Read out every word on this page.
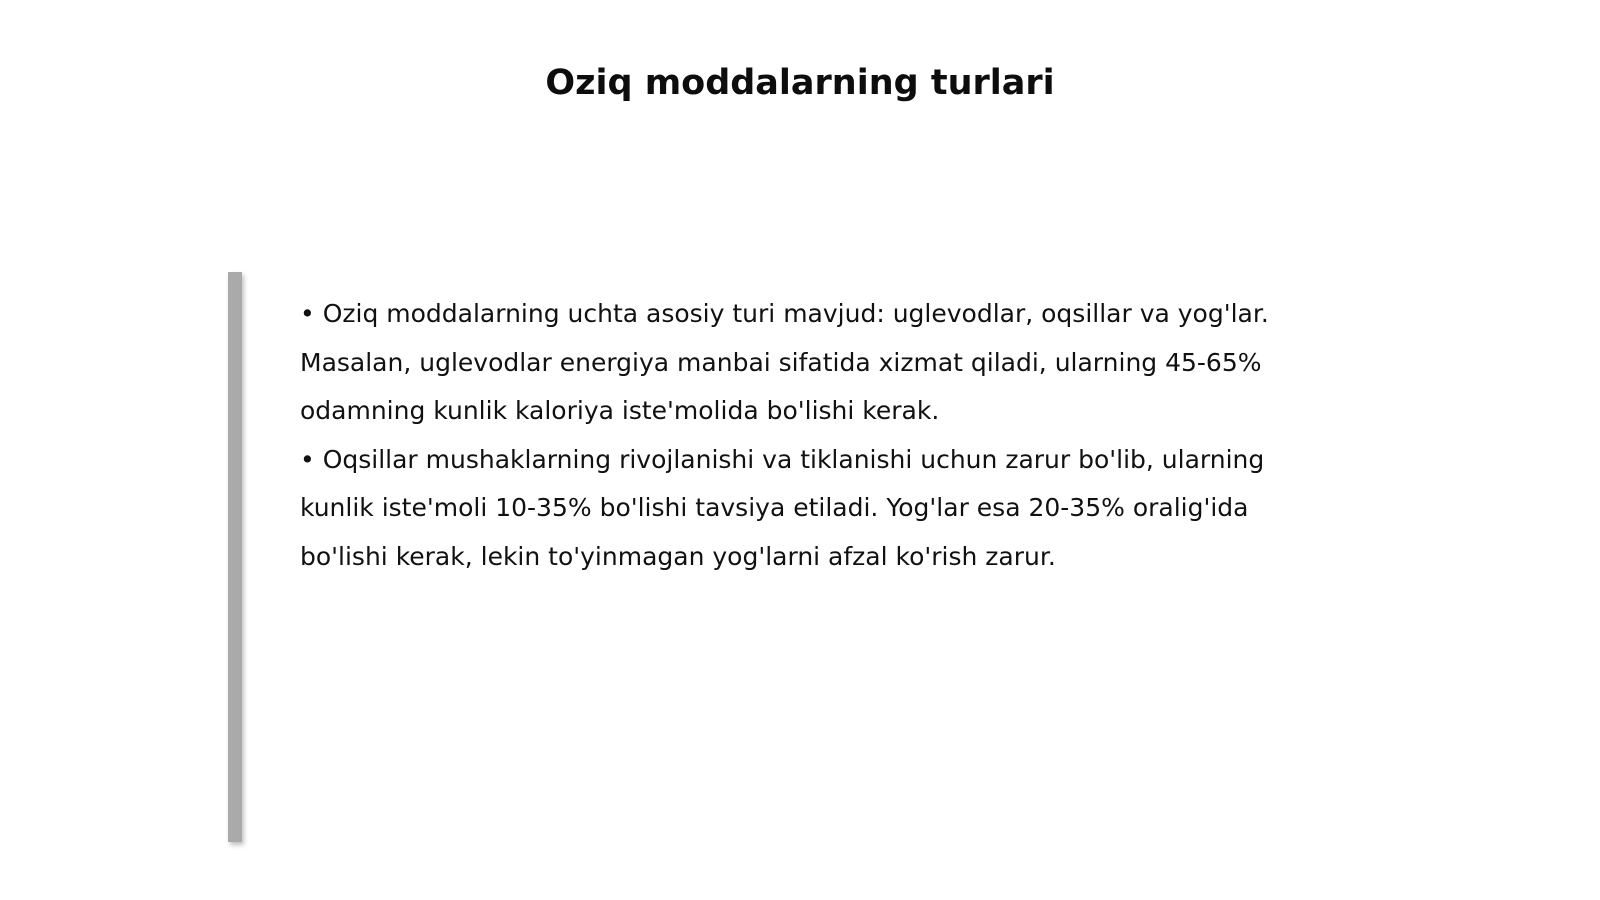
Oziq moddalarning turlari

• Oziq moddalarning uchta asosiy turi mavjud: uglevodlar, oqsillar va yog'lar. Masalan, uglevodlar energiya manbai sifatida xizmat qiladi, ularning 45-65% odamning kunlik kaloriya iste'molida bo'lishi kerak.

• Oqsillar mushaklarning rivojlanishi va tiklanishi uchun zarur bo'lib, ularning kunlik iste'moli 10-35% bo'lishi tavsiya etiladi. Yog'lar esa 20-35% oralig'ida bo'lishi kerak, lekin to'yinmagan yog'larni afzal ko'rish zarur.
